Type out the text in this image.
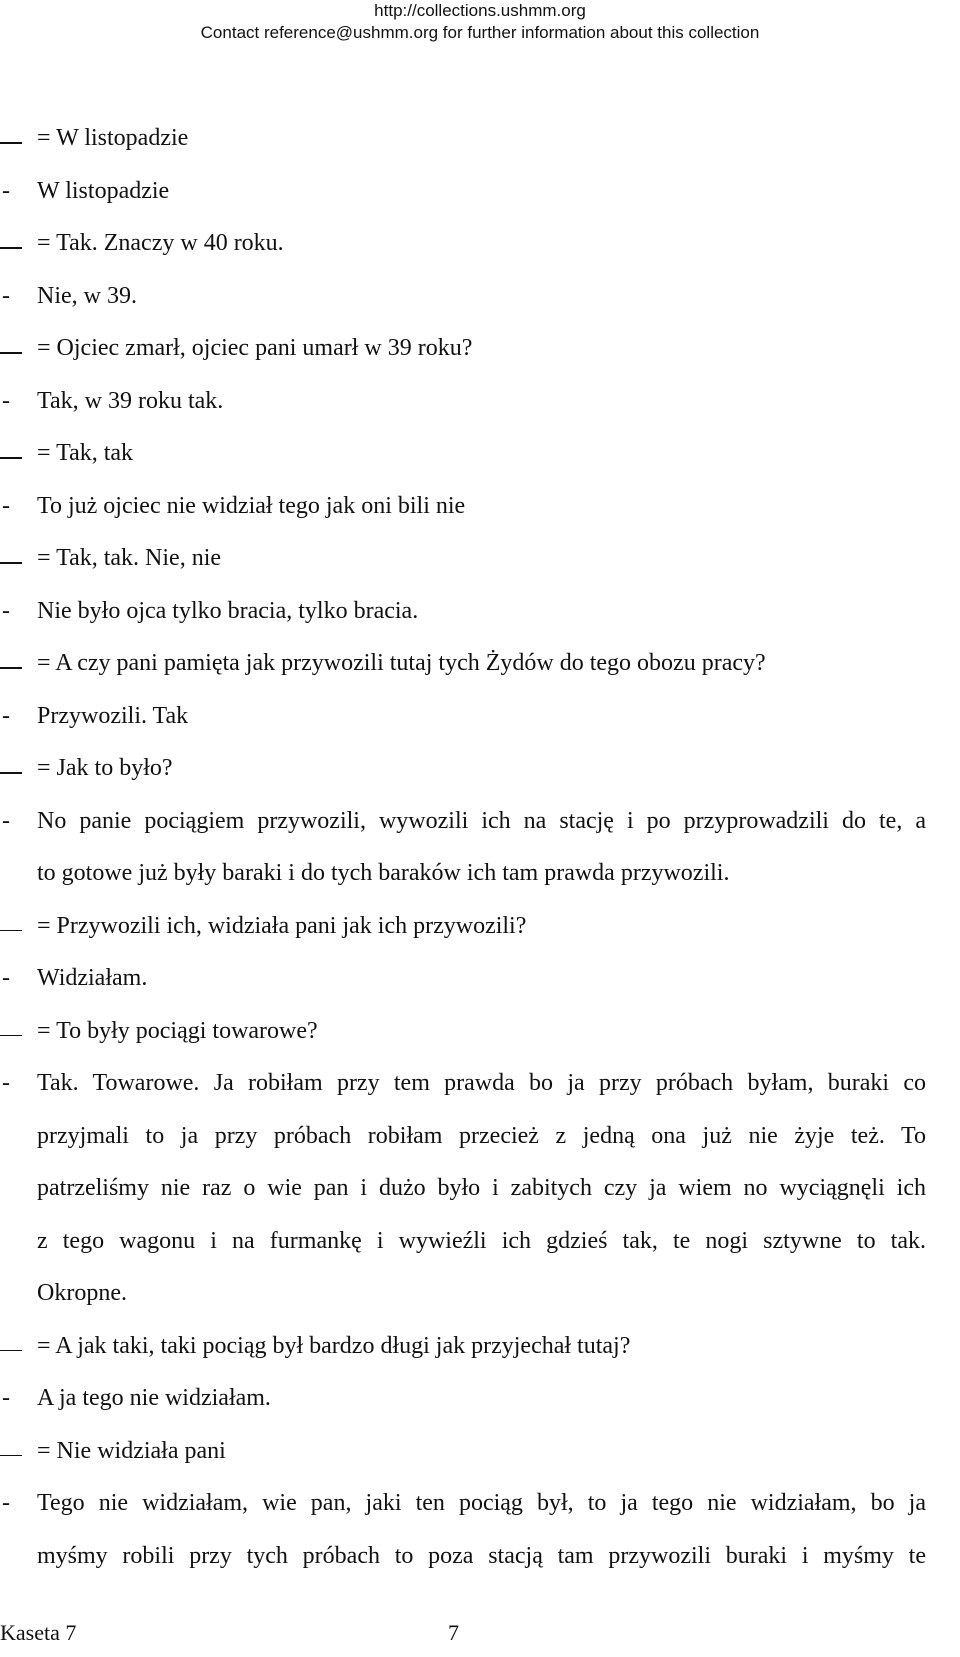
http://collections.ushmm.org
Contact reference@ushmm.org for further information about this collection
= W listopadzie
W listopadzie
= Tak. Znaczy w 40 roku.
Nie, w 39.
= Ojciec zmarł, ojciec pani umarł w 39 roku?
Tak, w 39 roku tak.
= Tak, tak
To już ojciec nie widział tego jak oni bili nie
= Tak, tak. Nie, nie
Nie było ojca tylko bracia, tylko bracia.
= A czy pani pamięta jak przywozili tutaj tych Żydów do tego obozu pracy?
Przywozili. Tak
= Jak to było?
No panie pociągiem przywozili, wywozili ich na stację i po przyprowadzili do te, a
to gotowe już były baraki i do tych baraków ich tam prawda przywozili.
= Przywozili ich, widziała pani jak ich przywozili?
Widziałam.
= To były pociągi towarowe?
Tak. Towarowe. Ja robiłam przy tem prawda bo ja przy próbach byłam, buraki co
przyjmali to ja przy próbach robiłam przecież z jedną ona już nie żyje też. To
patrzeliśmy nie raz o wie pan i dużo było i zabitych czy ja wiem no wyciągnęli ich
z tego wagonu i na furmankę i wywieźli ich gdzieś tak, te nogi sztywne to tak.
Okropne.
= A jak taki, taki pociąg był bardzo długi jak przyjechał tutaj?
A ja tego nie widziałam.
= Nie widziała pani
Tego nie widziałam, wie pan, jaki ten pociąg był, to ja tego nie widziałam, bo ja
myśmy robili przy tych próbach to poza stacją tam przywozili buraki i myśmy te
Kaseta 7	7
